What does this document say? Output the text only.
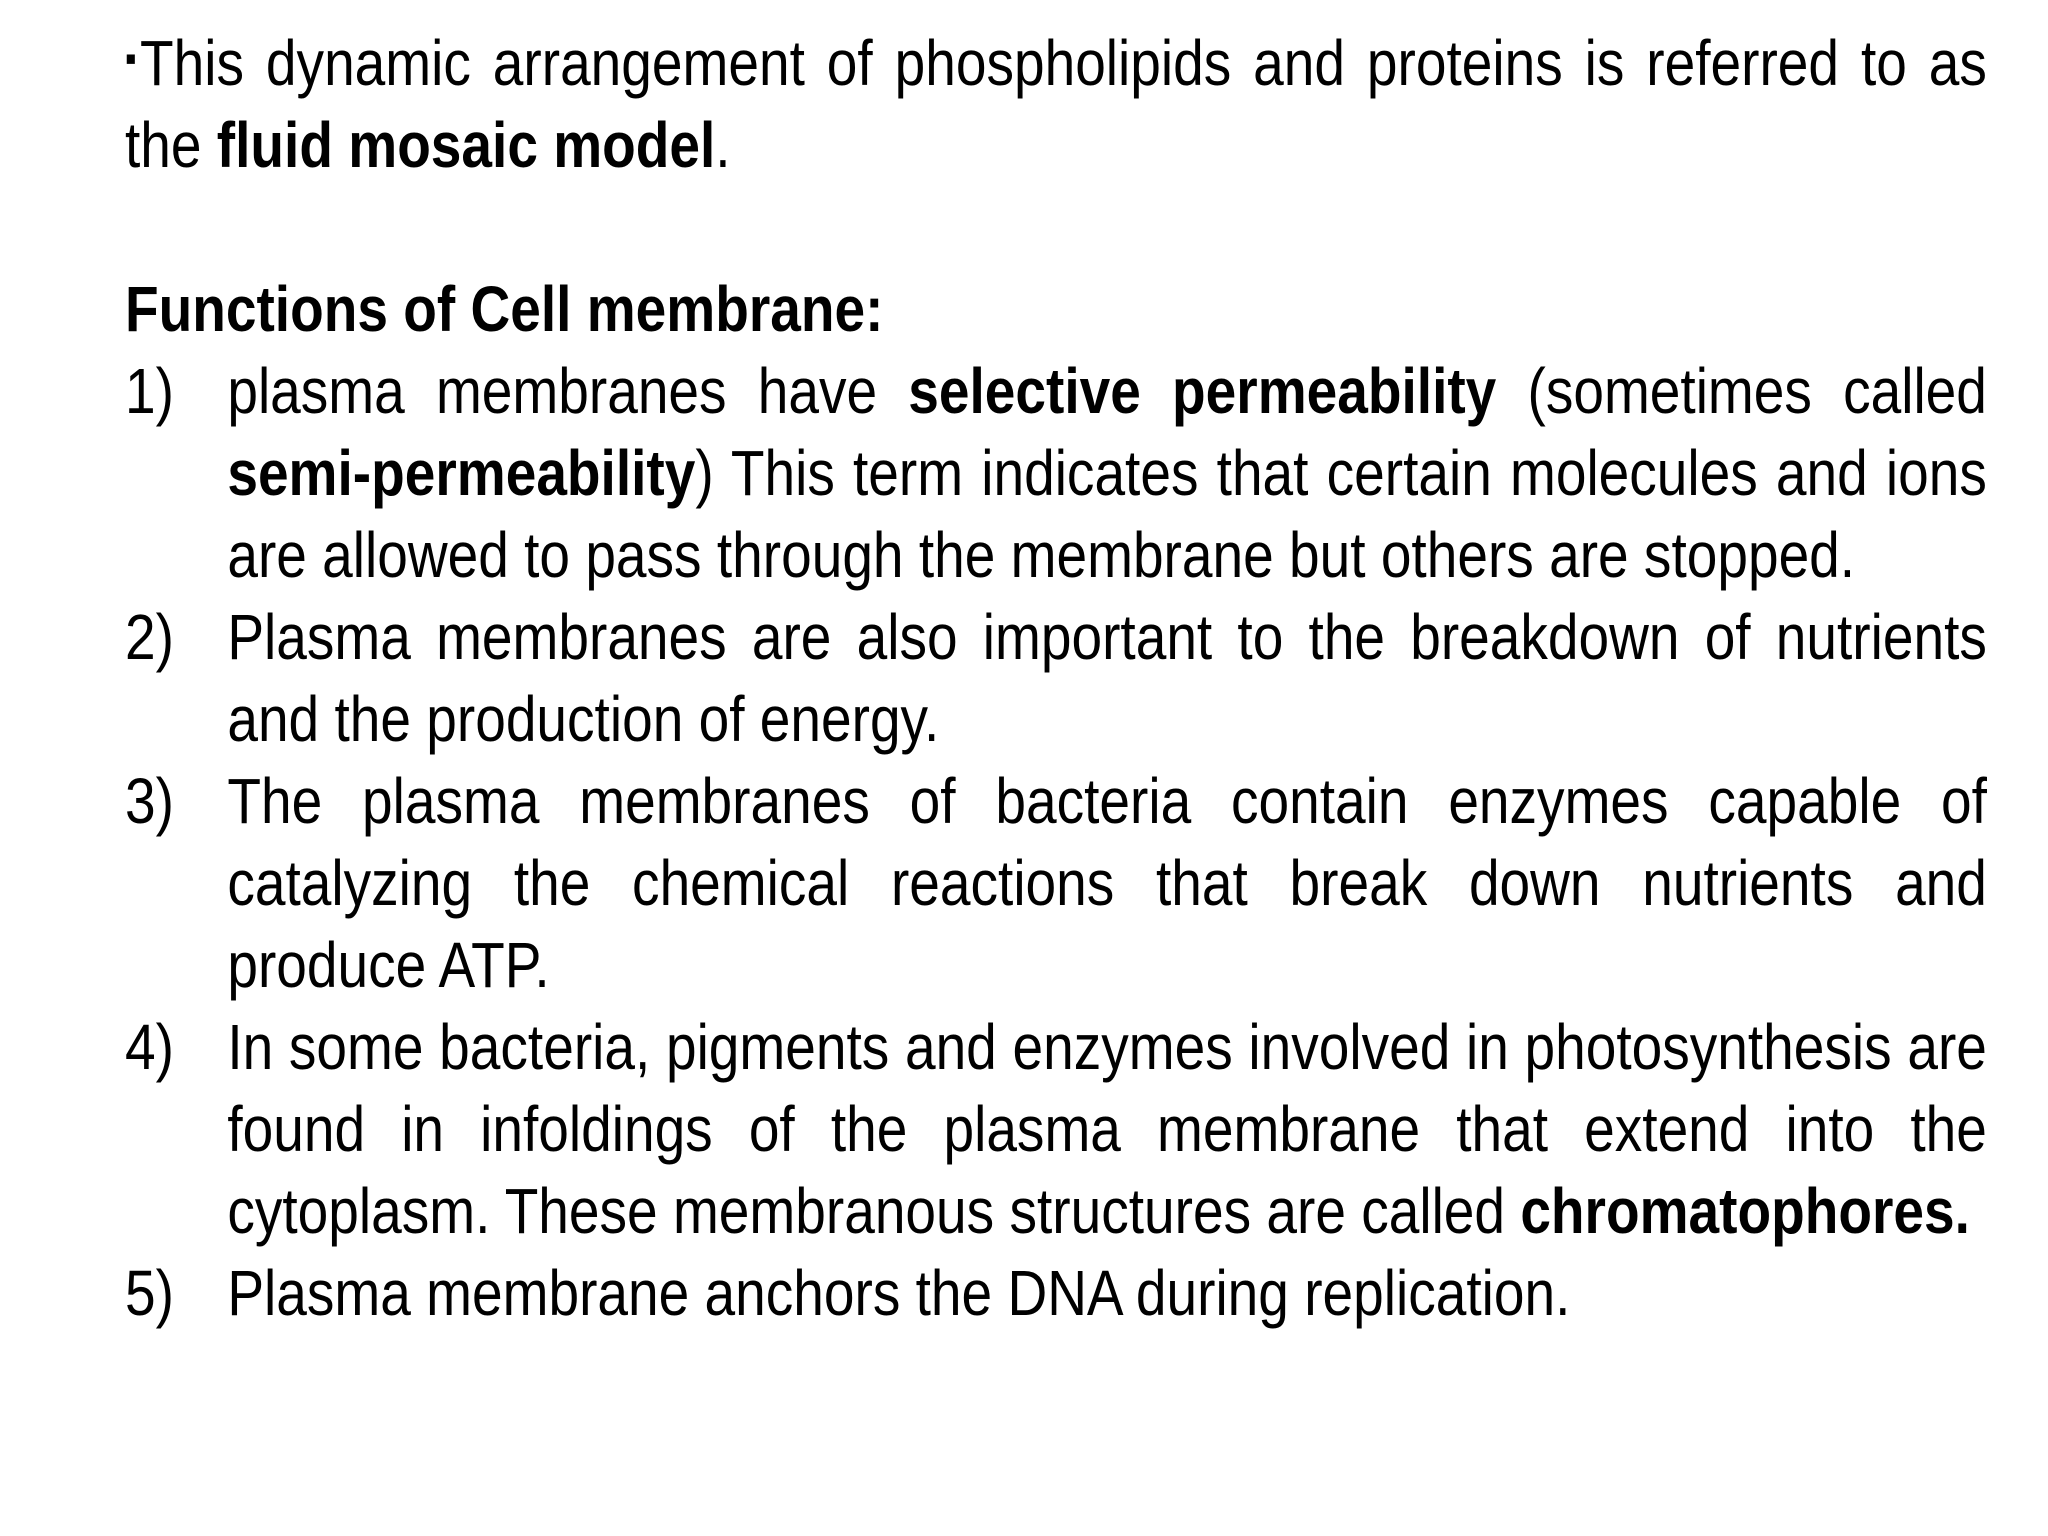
▪This dynamic arrangement of phospholipids and proteins is referred to as the fluid mosaic model.

Functions of Cell membrane:

1) plasma membranes have selective permeability (sometimes called semi-permeability) This term indicates that certain molecules and ions are allowed to pass through the membrane but others are stopped.
2) Plasma membranes are also important to the breakdown of nutrients and the production of energy.
3) The plasma membranes of bacteria contain enzymes capable of catalyzing the chemical reactions that break down nutrients and produce ATP.
4) In some bacteria, pigments and enzymes involved in photosynthesis are found in infoldings of the plasma membrane that extend into the cytoplasm. These membranous structures are called chromatophores.
5) Plasma membrane anchors the DNA during replication.
